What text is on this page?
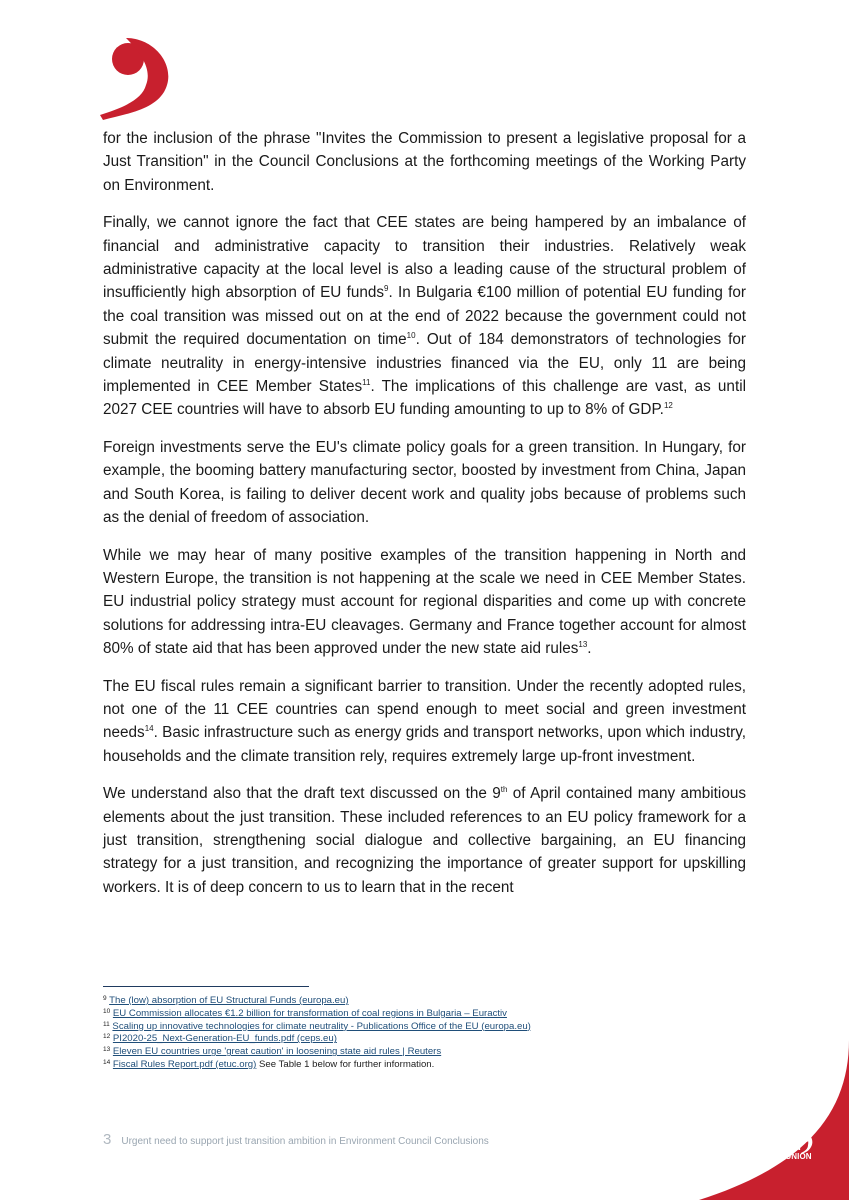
for the inclusion of the phrase "Invites the Commission to present a legislative proposal for a Just Transition" in the Council Conclusions at the forthcoming meetings of the Working Party on Environment.

Finally, we cannot ignore the fact that CEE states are being hampered by an imbalance of financial and administrative capacity to transition their industries. Relatively weak administrative capacity at the local level is also a leading cause of the structural problem of insufficiently high absorption of EU funds$^9$. In Bulgaria €100 million of potential EU funding for the coal transition was missed out on at the end of 2022 because the government could not submit the required documentation on time$^{10}$. Out of 184 demonstrators of technologies for climate neutrality in energy-intensive industries financed via the EU, only 11 are being implemented in CEE Member States$^{11}$. The implications of this challenge are vast, as until 2027 CEE countries will have to absorb EU funding amounting to up to 8% of GDP.$^{12}$

Foreign investments serve the EU's climate policy goals for a green transition. In Hungary, for example, the booming battery manufacturing sector, boosted by investment from China, Japan and South Korea, is failing to deliver decent work and quality jobs because of problems such as the denial of freedom of association.

While we may hear of many positive examples of the transition happening in North and Western Europe, the transition is not happening at the scale we need in CEE Member States. EU industrial policy strategy must account for regional disparities and come up with concrete solutions for addressing intra-EU cleavages. Germany and France together account for almost 80% of state aid that has been approved under the new state aid rules$^{13}$.

The EU fiscal rules remain a significant barrier to transition. Under the recently adopted rules, not one of the 11 CEE countries can spend enough to meet social and green investment needs$^{14}$. Basic infrastructure such as energy grids and transport networks, upon which industry, households and the climate transition rely, requires extremely large up-front investment.

We understand also that the draft text discussed on the 9th of April contained many ambitious elements about the just transition. These included references to an EU policy framework for a just transition, strengthening social dialogue and collective bargaining, an EU financing strategy for a just transition, and recognizing the importance of greater support for upskilling workers. It is of deep concern to us to learn that in the recent

$^9$ The (low) absorption of EU Structural Funds (europa.eu)
$^{10}$ EU Commission allocates €1.2 billion for transformation of coal regions in Bulgaria – Euractiv
$^{11}$ Scaling up innovative technologies for climate neutrality - Publications Office of the EU (europa.eu)
$^{12}$ PI2020-25_Next-Generation-EU_funds.pdf (ceps.eu)
$^{13}$ Eleven EU countries urge 'great caution' in loosening state aid rules | Reuters
$^{14}$ Fiscal Rules Report.pdf (etuc.org) See Table 1 below for further information.
3 Urgent need to support just transition ambition in Environment Council Conclusions	ETUC CES
SYNDICAT
EUROPÉEN
TRADE UNION
